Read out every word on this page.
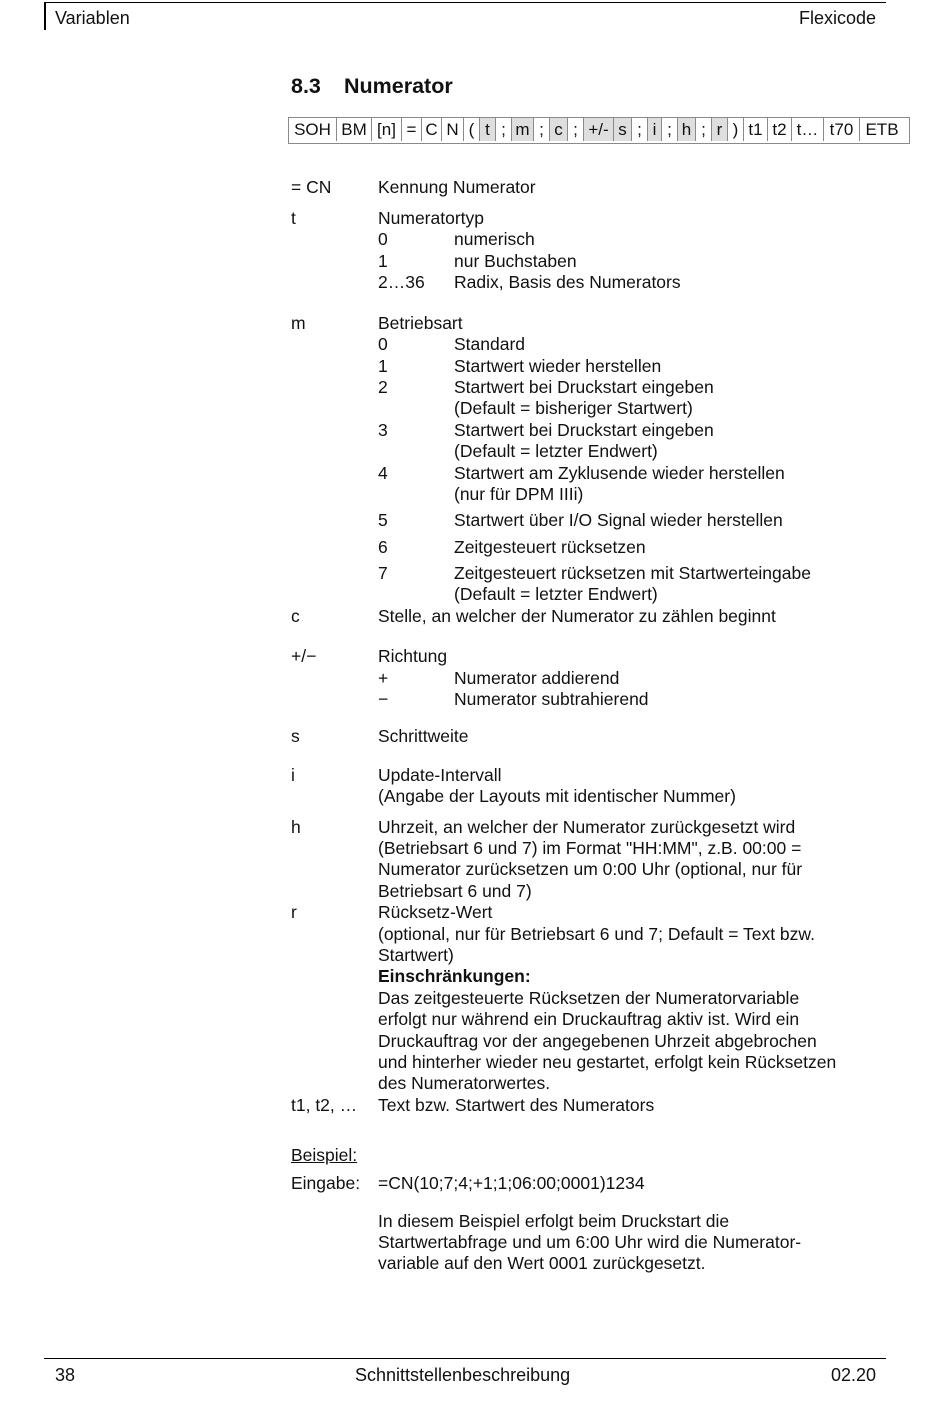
Variablen	Flexicode
8.3 Numerator
SOH BM [n] = C N ( t ; m ; c ; +/- s ; i ; h ; r ) t1 t2 t… t70 ETB
= CN	Kennung Numerator
t	Numeratortyp
0	numerisch
1	nur Buchstaben
2…36 Radix, Basis des Numerators
m	Betriebsart
0	Standard
1	Startwert wieder herstellen
2	Startwert bei Druckstart eingeben
(Default = bisheriger Startwert)
3	Startwert bei Druckstart eingeben
(Default = letzter Endwert)
4	Startwert am Zyklusende wieder herstellen
(nur für DPM IIIi)
5	Startwert über I/O Signal wieder herstellen
6	Zeitgesteuert rücksetzen
7	Zeitgesteuert rücksetzen mit Startwerteingabe
(Default = letzter Endwert)
c	Stelle, an welcher der Numerator zu zählen beginnt
+/−	Richtung
+	Numerator addierend
−	Numerator subtrahierend
s	Schrittweite
i	Update-Intervall
(Angabe der Layouts mit identischer Nummer)
h	Uhrzeit, an welcher der Numerator zurückgesetzt wird
(Betriebsart 6 und 7) im Format "HH:MM", z.B. 00:00 =
Numerator zurücksetzen um 0:00 Uhr (optional, nur für
Betriebsart 6 und 7)
r	Rücksetz-Wert
(optional, nur für Betriebsart 6 und 7; Default = Text bzw.
Startwert)
Einschränkungen:
Das zeitgesteuerte Rücksetzen der Numeratorvariable
erfolgt nur während ein Druckauftrag aktiv ist. Wird ein
Druckauftrag vor der angegebenen Uhrzeit abgebrochen
und hinterher wieder neu gestartet, erfolgt kein Rücksetzen
des Numeratorwertes.
t1, t2, … Text bzw. Startwert des Numerators
Beispiel:
Eingabe: =CN(10;7;4;+1;1;06:00;0001)1234
In diesem Beispiel erfolgt beim Druckstart die
Startwertabfrage und um 6:00 Uhr wird die Numerator-
variable auf den Wert 0001 zurückgesetzt.
38	Schnittstellenbeschreibung	02.20
